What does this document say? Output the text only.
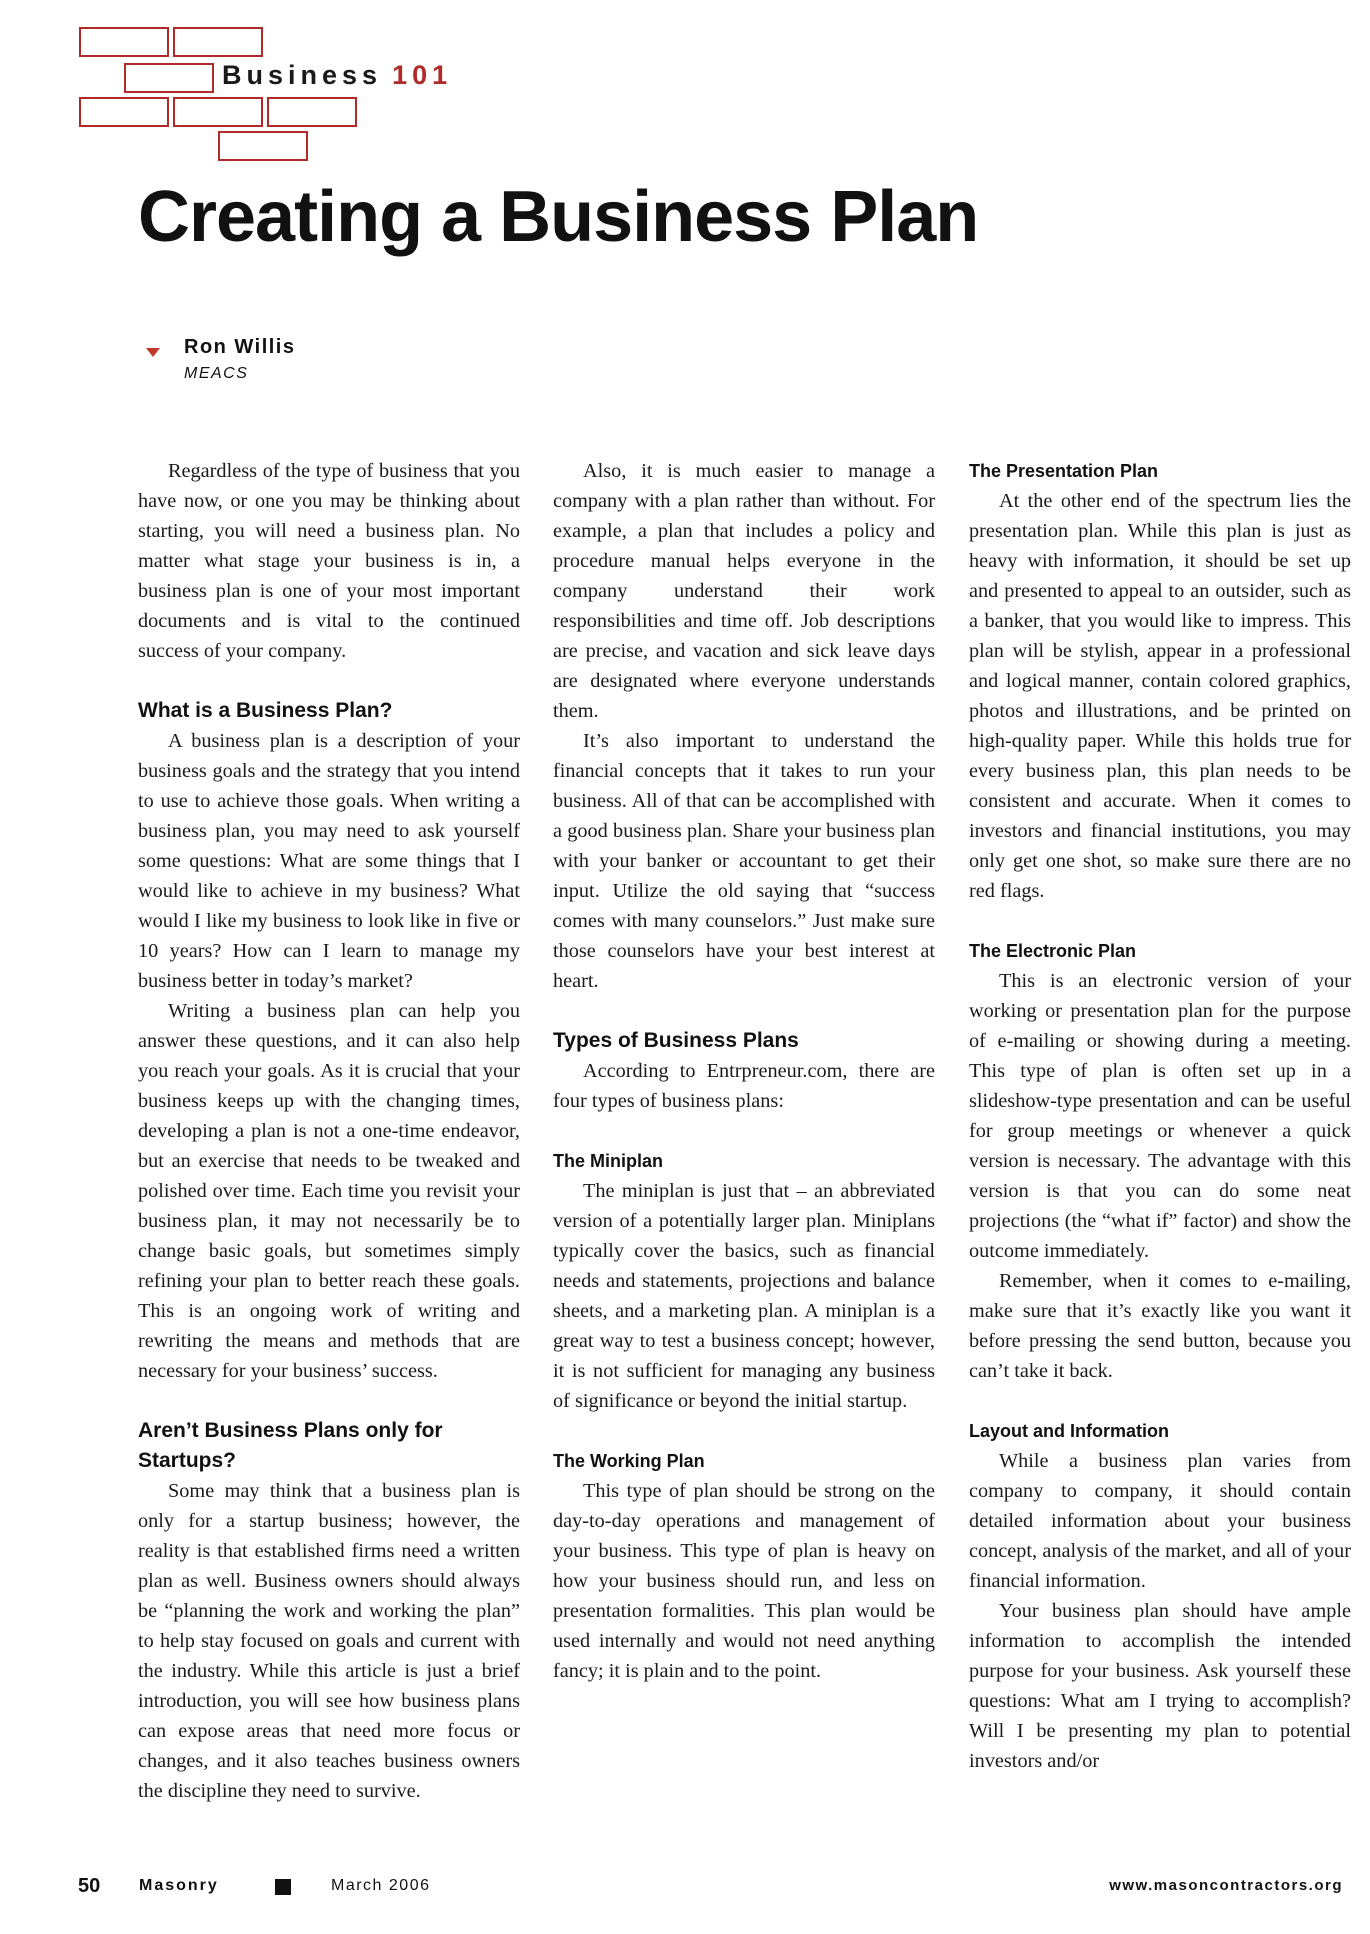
Business 101
Creating a Business Plan
Ron Willis
MEACS

Regardless of the type of business that you have now, or one you may be thinking about starting, you will need a business plan. No matter what stage your business is in, a business plan is one of your most important documents and is vital to the continued success of your company.

What is a Business Plan?

A business plan is a description of your business goals and the strategy that you intend to use to achieve those goals. When writing a business plan, you may need to ask yourself some questions: What are some things that I would like to achieve in my business? What would I like my business to look like in five or 10 years? How can I learn to manage my business better in today’s market?

Writing a business plan can help you answer these questions, and it can also help you reach your goals. As it is crucial that your business keeps up with the changing times, developing a plan is not a one-time endeavor, but an exercise that needs to be tweaked and polished over time. Each time you revisit your business plan, it may not necessarily be to change basic goals, but sometimes simply refining your plan to better reach these goals. This is an ongoing work of writing and rewriting the means and methods that are necessary for your business’ success.

Aren’t Business Plans only for Startups?

Some may think that a business plan is only for a startup business; however, the reality is that established firms need a written plan as well. Business owners should always be “planning the work and working the plan” to help stay focused on goals and current with the industry. While this article is just a brief introduction, you will see how business plans can expose areas that need more focus or changes, and it also teaches business owners the discipline they need to survive.

Also, it is much easier to manage a company with a plan rather than without. For example, a plan that includes a policy and procedure manual helps everyone in the company understand their work responsibilities and time off. Job descriptions are precise, and vacation and sick leave days are designated where everyone understands them.

It’s also important to understand the financial concepts that it takes to run your business. All of that can be accomplished with a good business plan. Share your business plan with your banker or accountant to get their input. Utilize the old saying that “success comes with many counselors.” Just make sure those counselors have your best interest at heart.

Types of Business Plans

According to Entrpreneur.com, there are four types of business plans:

The Miniplan

The miniplan is just that – an abbreviated version of a potentially larger plan. Miniplans typically cover the basics, such as financial needs and statements, projections and balance sheets, and a marketing plan. A miniplan is a great way to test a business concept; however, it is not sufficient for managing any business of significance or beyond the initial startup.

The Working Plan

This type of plan should be strong on the day-to-day operations and management of your business. This type of plan is heavy on how your business should run, and less on presentation formalities. This plan would be used internally and would not need anything fancy; it is plain and to the point.

The Presentation Plan

At the other end of the spectrum lies the presentation plan. While this plan is just as heavy with information, it should be set up and presented to appeal to an outsider, such as a banker, that you would like to impress. This plan will be stylish, appear in a professional and logical manner, contain colored graphics, photos and illustrations, and be printed on high-quality paper. While this holds true for every business plan, this plan needs to be consistent and accurate. When it comes to investors and financial institutions, you may only get one shot, so make sure there are no red flags.

The Electronic Plan

This is an electronic version of your working or presentation plan for the purpose of e-mailing or showing during a meeting. This type of plan is often set up in a slideshow-type presentation and can be useful for group meetings or whenever a quick version is necessary. The advantage with this version is that you can do some neat projections (the “what if” factor) and show the outcome immediately.

Remember, when it comes to e-mailing, make sure that it’s exactly like you want it before pressing the send button, because you can’t take it back.

Layout and Information

While a business plan varies from company to company, it should contain detailed information about your business concept, analysis of the market, and all of your financial information.

Your business plan should have ample information to accomplish the intended purpose for your business. Ask yourself these questions: What am I trying to accomplish? Will I be presenting my plan to potential investors and/or

50 Masonry	March 2006	www.masoncontractors.org
